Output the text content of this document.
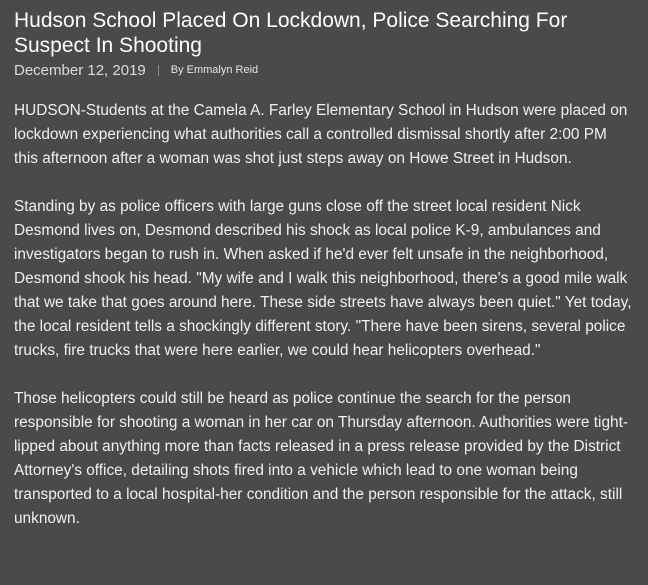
Hudson School Placed On Lockdown, Police Searching For Suspect In Shooting
December 12, 2019 By Emmalyn Reid

HUDSON-Students at the Camela A. Farley Elementary School in Hudson were placed on lockdown experiencing what authorities call a controlled dismissal shortly after 2:00 PM this afternoon after a woman was shot just steps away on Howe Street in Hudson.

Standing by as police officers with large guns close off the street local resident Nick Desmond lives on, Desmond described his shock as local police K-9, ambulances and investigators began to rush in. When asked if he'd ever felt unsafe in the neighborhood, Desmond shook his head. "My wife and I walk this neighborhood, there's a good mile walk that we take that goes around here. These side streets have always been quiet." Yet today, the local resident tells a shockingly different story. "There have been sirens, several police trucks, fire trucks that were here earlier, we could hear helicopters overhead."

Those helicopters could still be heard as police continue the search for the person responsible for shooting a woman in her car on Thursday afternoon. Authorities were tight-lipped about anything more than facts released in a press release provided by the District Attorney's office, detailing shots fired into a vehicle which lead to one woman being transported to a local hospital-her condition and the person responsible for the attack, still unknown.
